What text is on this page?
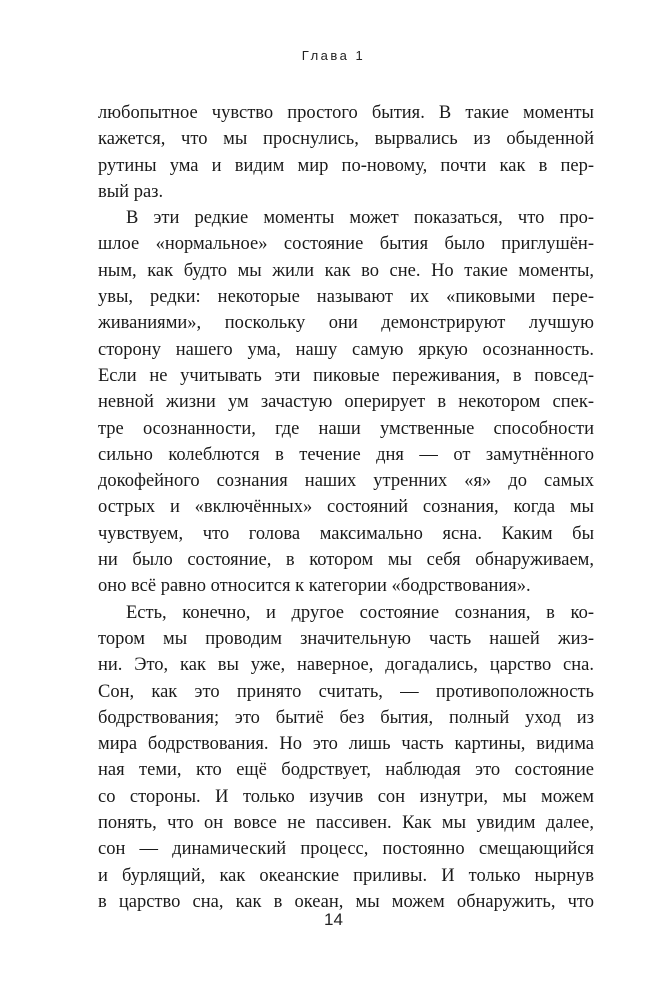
Глава 1
любопытное чувство простого бытия. В такие моменты
кажется, что мы проснулись, вырвались из обыденной
рутины ума и видим мир по-новому, почти как в пер-
вый раз.
В эти редкие моменты может показаться, что про-
шлое «нормальное» состояние бытия было приглушён-
ным, как будто мы жили как во сне. Но такие моменты,
увы, редки: некоторые называют их «пиковыми пере-
живаниями», поскольку они демонстрируют лучшую
сторону нашего ума, нашу самую яркую осознанность.
Если не учитывать эти пиковые переживания, в повсед-
невной жизни ум зачастую оперирует в некотором спек-
тре осознанности, где наши умственные способности
сильно колеблются в течение дня — от замутнённого
докофейного сознания наших утренних «я» до самых
острых и «включённых» состояний сознания, когда мы
чувствуем, что голова максимально ясна. Каким бы
ни было состояние, в котором мы себя обнаруживаем,
оно всё равно относится к категории «бодрствования».
Есть, конечно, и другое состояние сознания, в ко-
тором мы проводим значительную часть нашей жиз-
ни. Это, как вы уже, наверное, догадались, царство сна.
Сон, как это принято считать, — противоположность
бодрствования; это бытиё без бытия, полный уход из
мира бодрствования. Но это лишь часть картины, видима
ная теми, кто ещё бодрствует, наблюдая это состояние
со стороны. И только изучив сон изнутри, мы можем
понять, что он вовсе не пассивен. Как мы увидим далее,
сон — динамический процесс, постоянно смещающийся
и бурлящий, как океанские приливы. И только нырнув
в царство сна, как в океан, мы можем обнаружить, что
14
